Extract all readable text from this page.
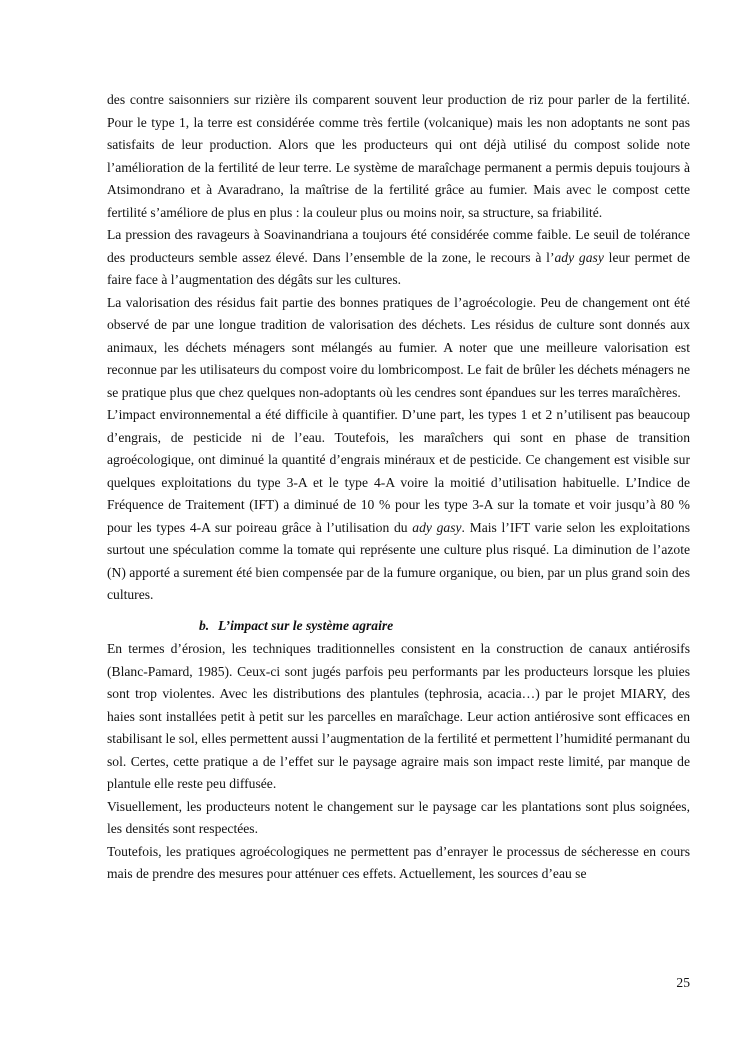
des contre saisonniers sur rizière ils comparent souvent leur production de riz pour parler de la fertilité. Pour le type 1, la terre est considérée comme très fertile (volcanique) mais les non adoptants ne sont pas satisfaits de leur production. Alors que les producteurs qui ont déjà utilisé du compost solide note l’amélioration de la fertilité de leur terre. Le système de maraîchage permanent a permis depuis toujours à Atsimondrano et à Avaradrano, la maîtrise de la fertilité grâce au fumier. Mais avec le compost cette fertilité s’améliore de plus en plus : la couleur plus ou moins noir, sa structure, sa friabilité.

La pression des ravageurs à Soavinandriana a toujours été considérée comme faible. Le seuil de tolérance des producteurs semble assez élevé. Dans l’ensemble de la zone, le recours à l’ady gasy leur permet de faire face à l’augmentation des dégâts sur les cultures.

La valorisation des résidus fait partie des bonnes pratiques de l’agroécologie. Peu de changement ont été observé de par une longue tradition de valorisation des déchets. Les résidus de culture sont donnés aux animaux, les déchets ménagers sont mélangés au fumier. A noter que une meilleure valorisation est reconnue par les utilisateurs du compost voire du lombricompost. Le fait de brûler les déchets ménagers ne se pratique plus que chez quelques non-adoptants où les cendres sont épandues sur les terres maraîchères.

L’impact environnemental a été difficile à quantifier. D’une part, les types 1 et 2 n’utilisent pas beaucoup d’engrais, de pesticide ni de l’eau. Toutefois, les maraîchers qui sont en phase de transition agroécologique, ont diminué la quantité d’engrais minéraux et de pesticide. Ce changement est visible sur quelques exploitations du type 3-A et le type 4-A voire la moitié d’utilisation habituelle. L’Indice de Fréquence de Traitement (IFT) a diminué de 10 % pour les type 3-A sur la tomate et voir jusqu’à 80 % pour les types 4-A sur poireau grâce à l’utilisation du ady gasy. Mais l’IFT varie selon les exploitations surtout une spéculation comme la tomate qui représente une culture plus risqué. La diminution de l’azote (N) apporté a surement été bien compensée par de la fumure organique, ou bien, par un plus grand soin des cultures.

b. L’impact sur le système agraire

En termes d’érosion, les techniques traditionnelles consistent en la construction de canaux antiérosifs (Blanc-Pamard, 1985). Ceux-ci sont jugés parfois peu performants par les producteurs lorsque les pluies sont trop violentes. Avec les distributions des plantules (tephrosia, acacia…) par le projet MIARY, des haies sont installées petit à petit sur les parcelles en maraîchage. Leur action antiérosive sont efficaces en stabilisant le sol, elles permettent aussi l’augmentation de la fertilité et permettent l’humidité permanant du sol. Certes, cette pratique a de l’effet sur le paysage agraire mais son impact reste limité, par manque de plantule elle reste peu diffusée.

Visuellement, les producteurs notent le changement sur le paysage car les plantations sont plus soignées, les densités sont respectées.

Toutefois, les pratiques agroécologiques ne permettent pas d’enrayer le processus de sécheresse en cours mais de prendre des mesures pour atténuer ces effets. Actuellement, les sources d’eau se

25
